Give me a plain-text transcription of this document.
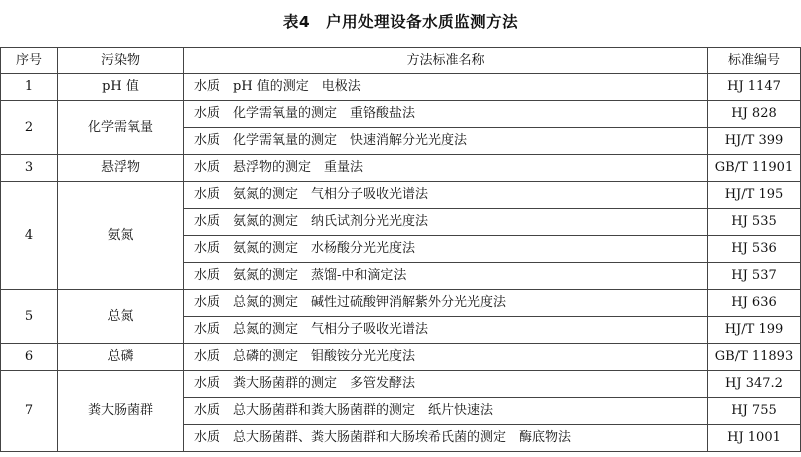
表4　户用处理设备水质监测方法
序号	污染物	方法标准名称	标准编号
1	pH 值	水质　pH 值的测定　电极法	HJ 1147
2	化学需氧量	水质　化学需氧量的测定　重铬酸盐法	HJ 828
		水质　化学需氧量的测定　快速消解分光光度法	HJ/T 399
3	悬浮物	水质　悬浮物的测定　重量法	GB/T 11901
4	氨氮	水质　氨氮的测定　气相分子吸收光谱法	HJ/T 195
		水质　氨氮的测定　纳氏试剂分光光度法	HJ 535
		水质　氨氮的测定　水杨酸分光光度法	HJ 536
		水质　氨氮的测定　蒸馏-中和滴定法	HJ 537
5	总氮	水质　总氮的测定　碱性过硫酸钾消解紫外分光光度法	HJ 636
		水质　总氮的测定　气相分子吸收光谱法	HJ/T 199
6	总磷	水质　总磷的测定　钼酸铵分光光度法	GB/T 11893
7	粪大肠菌群	水质　粪大肠菌群的测定　多管发酵法	HJ 347.2
		水质　总大肠菌群和粪大肠菌群的测定　纸片快速法	HJ 755
		水质　总大肠菌群、粪大肠菌群和大肠埃希氏菌的测定　酶底物法	HJ 1001
